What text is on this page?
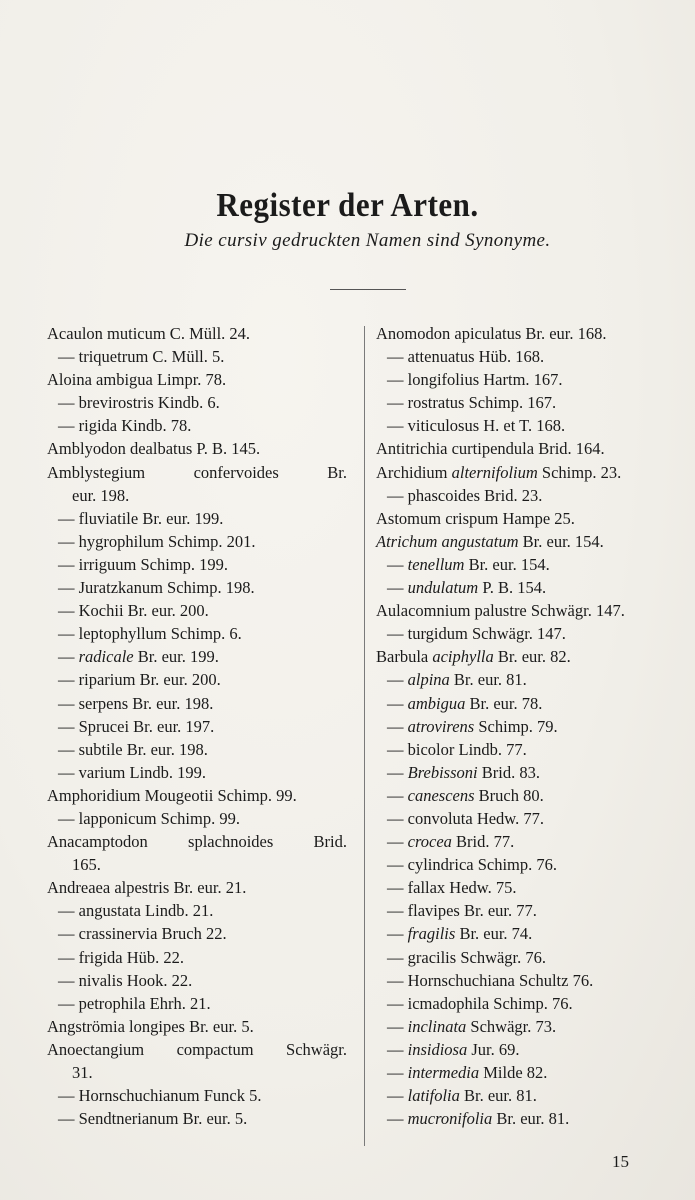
Register der Arten.
Die cursiv gedruckten Namen sind Synonyme.
Acaulon muticum C. Müll. 24.
— triquetrum C. Müll. 5.
Aloina ambigua Limpr. 78.
— brevirostris Kindb. 6.
— rigida Kindb. 78.
Amblyodon dealbatus P. B. 145.
Amblystegium confervoides Br.
eur. 198.
— fluviatile Br. eur. 199.
— hygrophilum Schimp. 201.
— irriguum Schimp. 199.
— Juratzkanum Schimp. 198.
— Kochii Br. eur. 200.
— leptophyllum Schimp. 6.
— radicale Br. eur. 199.
— riparium Br. eur. 200.
— serpens Br. eur. 198.
— Sprucei Br. eur. 197.
— subtile Br. eur. 198.
— varium Lindb. 199.
Amphoridium Mougeotii Schimp. 99.
— lapponicum Schimp. 99.
Anacamptodon splachnoides Brid.
165.
Andreaea alpestris Br. eur. 21.
— angustata Lindb. 21.
— crassinervia Bruch 22.
— frigida Hüb. 22.
— nivalis Hook. 22.
— petrophila Ehrh. 21.
Angströmia longipes Br. eur. 5.
Anoectangium compactum Schwägr.
31.
— Hornschuchianum Funck 5.
— Sendtnerianum Br. eur. 5.
Anomodon apiculatus Br. eur. 168.
— attenuatus Hüb. 168.
— longifolius Hartm. 167.
— rostratus Schimp. 167.
— viticulosus H. et T. 168.
Antitrichia curtipendula Brid. 164.
Archidium alternifolium Schimp. 23.
— phascoides Brid. 23.
Astomum crispum Hampe 25.
Atrichum angustatum Br. eur. 154.
— tenellum Br. eur. 154.
— undulatum P. B. 154.
Aulacomnium palustre Schwägr. 147.
— turgidum Schwägr. 147.
Barbula aciphylla Br. eur. 82.
— alpina Br. eur. 81.
— ambigua Br. eur. 78.
— atrovirens Schimp. 79.
— bicolor Lindb. 77.
— Brebissoni Brid. 83.
— canescens Bruch 80.
— convoluta Hedw. 77.
— crocea Brid. 77.
— cylindrica Schimp. 76.
— fallax Hedw. 75.
— flavipes Br. eur. 77.
— fragilis Br. eur. 74.
— gracilis Schwägr. 76.
— Hornschuchiana Schultz 76.
— icmadophila Schimp. 76.
— inclinata Schwägr. 73.
— insidiosa Jur. 69.
— intermedia Milde 82.
— latifolia Br. eur. 81.
— mucronifolia Br. eur. 81.
15
